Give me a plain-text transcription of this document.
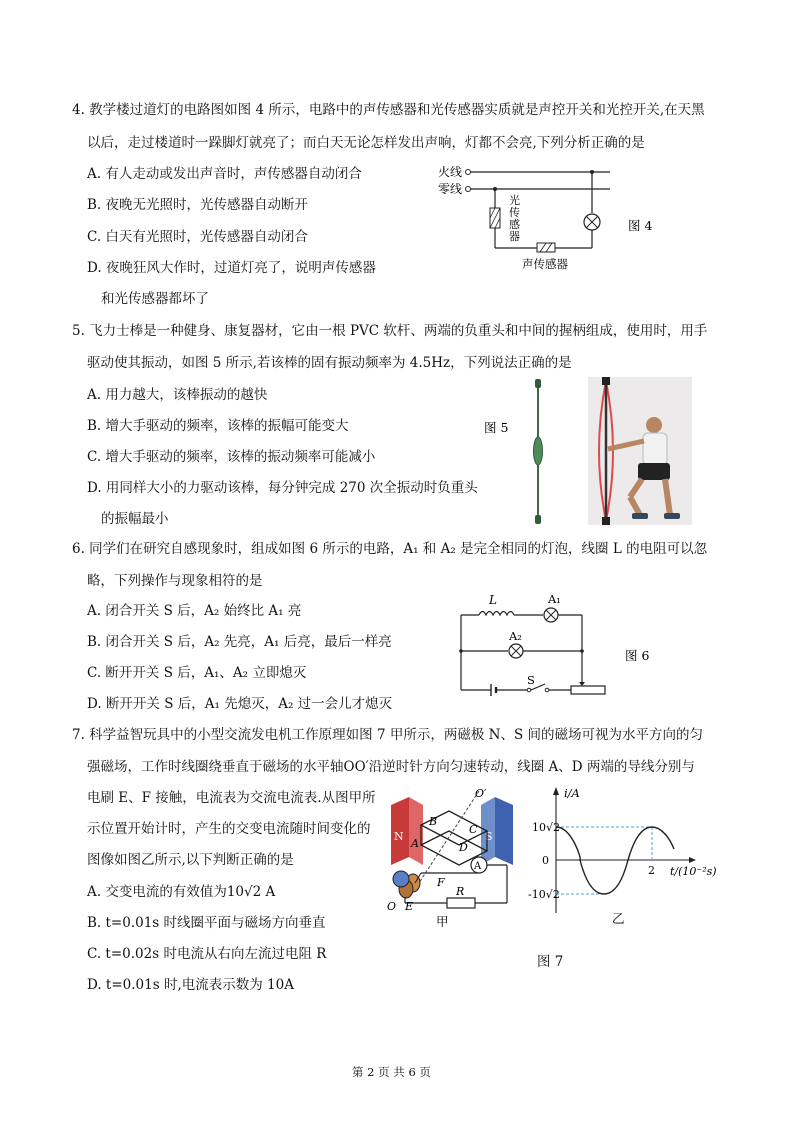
4. 教学楼过道灯的电路图如图 4 所示，电路中的声传感器和光传感器实质就是声控开关和光控开关,在天黑
以后，走过楼道时一跺脚灯就亮了；而白天无论怎样发出声响，灯都不会亮,下列分析正确的是
A. 有人走动或发出声音时，声传感器自动闭合
B. 夜晚无光照时，光传感器自动断开
C. 白天有光照时，光传感器自动闭合
D. 夜晚狂风大作时，过道灯亮了，说明声传感器
和光传感器都坏了
火线
零线
光
传
感
器
声传感器
图 4
5. 飞力士棒是一种健身、康复器材，它由一根 PVC 软杆、两端的负重头和中间的握柄组成，使用时，用手
驱动使其振动，如图 5 所示,若该棒的固有振动频率为 4.5Hz，下列说法正确的是
A. 用力越大，该棒振动的越快
B. 增大手驱动的频率，该棒的振幅可能变大
C. 增大手驱动的频率，该棒的振动频率可能减小
D. 用同样大小的力驱动该棒，每分钟完成 270 次全振动时负重头
的振幅最小
图 5
6. 同学们在研究自感现象时，组成如图 6 所示的电路，A₁ 和 A₂ 是完全相同的灯泡，线圈 L 的电阻可以忽
略，下列操作与现象相符的是
A. 闭合开关 S 后，A₂ 始终比 A₁ 亮
B. 闭合开关 S 后，A₂ 先亮，A₁ 后亮，最后一样亮
C. 断开开关 S 后，A₁、A₂ 立即熄灭
D. 断开开关 S 后，A₁ 先熄灭，A₂ 过一会儿才熄灭
L	A₁
A₂
S
图 6
7. 科学益智玩具中的小型交流发电机工作原理如图 7 甲所示，两磁极 N、S 间的磁场可视为水平方向的匀
强磁场，工作时线圈绕垂直于磁场的水平轴OO′沿逆时针方向匀速转动，线圈 A、D 两端的导线分别与
电刷 E、F 接触，电流表为交流电流表.从图甲所
示位置开始计时，产生的交变电流随时间变化的
图像如图乙所示,以下判断正确的是
A. 交变电流的有效值为10√2 A
B. t=0.01s 时线圈平面与磁场方向垂直
C. t=0.02s 时电流从右向左流过电阻 R
D. t=0.01s 时,电流表示数为 10A
N	S
A
O′
B
C
D
A
F
R
O E
甲
i/A
10√2
0
-10√2
2 t/(10⁻²s)
乙
图 7
第 2 页 共 6 页
